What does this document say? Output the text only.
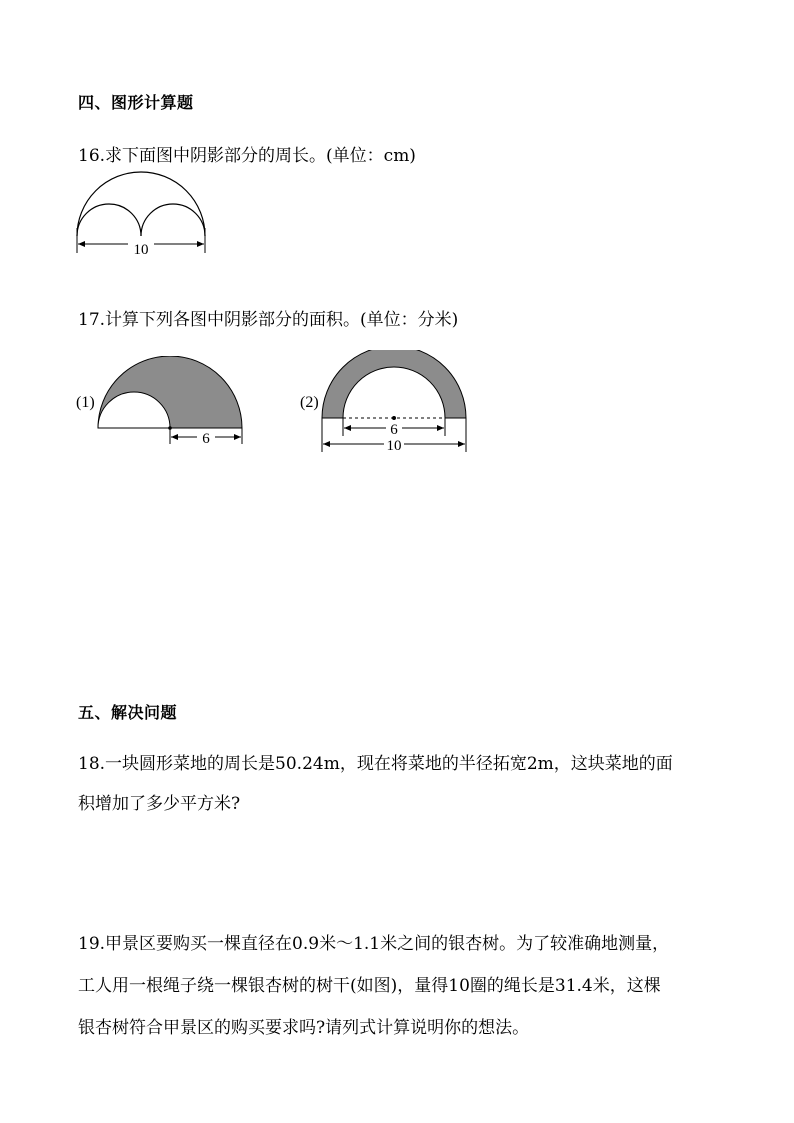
四、图形计算题
16.求下面图中阴影部分的周长。(单位：cm)
10
17.计算下列各图中阴影部分的面积。(单位：分米)
(1)
6
(2)
6
10
五、解决问题
18.一块圆形菜地的周长是50.24m，现在将菜地的半径拓宽2m，这块菜地的面
积增加了多少平方米?
19.甲景区要购买一棵直径在0.9米～1.1米之间的银杏树。为了较准确地测量，
工人用一根绳子绕一棵银杏树的树干(如图)，量得10圈的绳长是31.4米，这棵
银杏树符合甲景区的购买要求吗?请列式计算说明你的想法。
